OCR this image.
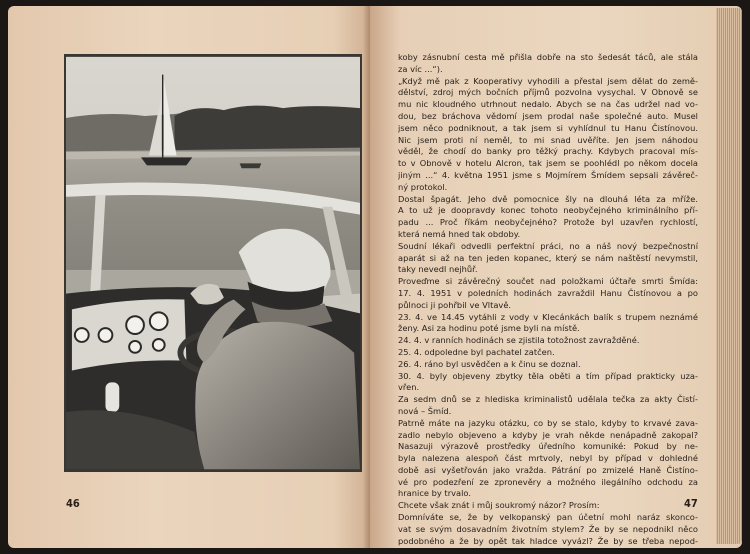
46
koby zásnubní cesta mě přišla dobře na sto šedesát táců, ale stála
za víc ...“).
„Když mě pak z Kooperativy vyhodili a přestal jsem dělat do země-
dělství, zdroj mých bočních příjmů pozvolna vysychal. V Obnově se
mu nic kloudného utrhnout nedalo. Abych se na čas udržel nad vo-
dou, bez bráchova vědomí jsem prodal naše společné auto. Musel
jsem něco podniknout, a tak jsem si vyhlídnul tu Hanu Čistínovou.
Nic jsem proti ní neměl, to mi snad uvěříte. Jen jsem náhodou
věděl, že chodí do banky pro těžký prachy. Kdybych pracoval mís-
to v Obnově v hotelu Alcron, tak jsem se poohlédl po někom docela
jiným ...“ 4. května 1951 jsme s Mojmírem Šmídem sepsali závěreč-
ný protokol.
Dostal špagát. Jeho dvě pomocnice šly na dlouhá léta za mříže.
A to už je doopravdy konec tohoto neobyčejného kriminálního pří-
padu ... Proč říkám neobyčejného? Protože byl uzavřen rychlostí,
která nemá hned tak obdoby.
Soudní lékaři odvedli perfektní práci, no a náš nový bezpečnostní
aparát si až na ten jeden kopanec, který se nám naštěstí nevymstil,
taky nevedl nejhůř.
Proveďme si závěrečný součet nad položkami účtaře smrti Šmída:
17. 4. 1951 v poledních hodinách zavraždil Hanu Čistínovou a po
půlnoci ji pohřbil ve Vltavě.
23. 4. ve 14.45 vytáhli z vody v Klecánkách balík s trupem neznámé
ženy. Asi za hodinu poté jsme byli na místě.
24. 4. v ranních hodinách se zjistila totožnost zavražděné.
25. 4. odpoledne byl pachatel zatčen.
26. 4. ráno byl usvědčen a k činu se doznal.
30. 4. byly objeveny zbytky těla oběti a tím případ prakticky uza-
vřen.
Za sedm dnů se z hlediska kriminalistů udělala tečka za akty Čistí-
nová – Šmíd.
Patrně máte na jazyku otázku, co by se stalo, kdyby to krvavé zava-
zadlo nebylo objeveno a kdyby je vrah někde nenápadně zakopal?
Nasazuji výrazově prostředky úředního komuniké: Pokud by ne-
byla nalezena alespoň část mrtvoly, nebyl by případ v dohledné
době asi vyšetřován jako vražda. Pátrání po zmizelé Haně Čistíno-
vé pro podezření ze zpronevěry a možného ilegálního odchodu za
hranice by trvalo.
Chcete však znát i můj soukromý názor? Prosím:
Domníváte se, že by velkopanský pan účetní mohl naráz skonco-
vat se svým dosavadním životním stylem? Že by se nepodnikl něco
podobného a že by opět tak hladce vyvázl? Že by se třeba nepod-
47
